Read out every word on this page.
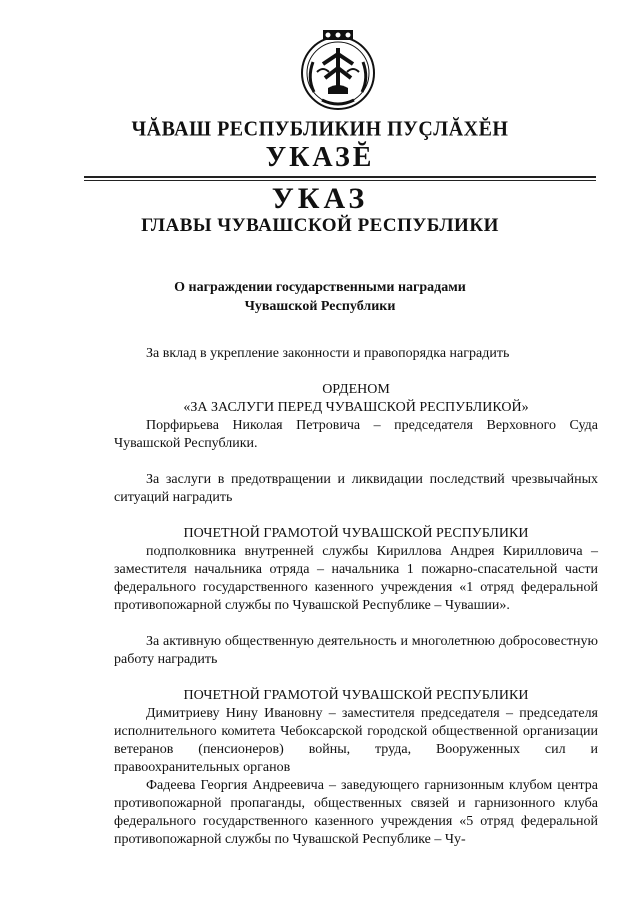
ЧĂВАШ РЕСПУБЛИКИН ПУÇЛĂХĔН
УКАЗĔ
УКАЗ
ГЛАВЫ ЧУВАШСКОЙ РЕСПУБЛИКИ
О награждении государственными наградами
Чувашской Республики

За вклад в укрепление законности и правопорядка наградить

ОРДЕНОМ

«ЗА ЗАСЛУГИ ПЕРЕД ЧУВАШСКОЙ РЕСПУБЛИКОЙ»

Порфирьева Николая Петровича – председателя Верховного Суда Чувашской Республики.

За заслуги в предотвращении и ликвидации последствий чрезвычайных ситуаций наградить

ПОЧЕТНОЙ ГРАМОТОЙ ЧУВАШСКОЙ РЕСПУБЛИКИ

подполковника внутренней службы Кириллова Андрея Кирилловича – заместителя начальника отряда – начальника 1 пожарно-спасательной части федерального государственного казенного учреждения «1 отряд федеральной противопожарной службы по Чувашской Республике – Чувашии».

За активную общественную деятельность и многолетнюю добросовестную работу наградить

ПОЧЕТНОЙ ГРАМОТОЙ ЧУВАШСКОЙ РЕСПУБЛИКИ

Димитриеву Нину Ивановну – заместителя председателя – председателя исполнительного комитета Чебоксарской городской общественной организации ветеранов (пенсионеров) войны, труда, Вооруженных сил и правоохранительных органов

Фадеева Георгия Андреевича – заведующего гарнизонным клубом центра противопожарной пропаганды, общественных связей и гарнизонного клуба федерального государственного казенного учреждения «5 отряд федеральной противопожарной службы по Чувашской Республике – Чу-
